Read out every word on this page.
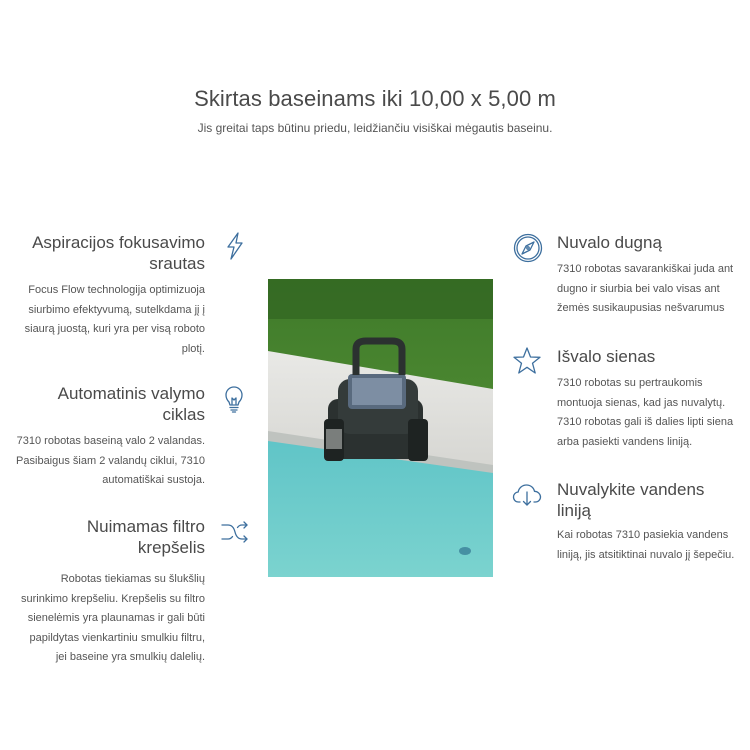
Skirtas baseinams iki 10,00 x 5,00 m
Jis greitai taps būtinu priedu, leidžiančiu visiškai mėgautis baseinu.
Aspiracijos fokusavimo
srautas
Focus Flow technologija optimizuoja
siurbimo efektyvumą, sutelkdama jį į
siaurą juostą, kuri yra per visą roboto
plotį.
Automatinis valymo
ciklas
7310 robotas baseiną valo 2 valandas.
Pasibaigus šiam 2 valandų ciklui, 7310
automatiškai sustoja.
Nuimamas filtro
krepšelis
Robotas tiekiamas su šlukšlių
surinkimo krepšeliu. Krepšelis su filtro
sienelėmis yra plaunamas ir gali būti
papildytas vienkartiniu smulkiu filtru,
jei baseine yra smulkių dalelių.
Nuvalo dugną
7310 robotas savarankiškai juda ant
dugno ir siurbia bei valo visas ant
žemės susikaupusias nešvarumus
Išvalo sienas
7310 robotas su pertraukomis
montuoja sienas, kad jas nuvalytų.
7310 robotas gali iš dalies lipti siena
arba pasiekti vandens liniją.
Nuvalykite vandens
liniją
Kai robotas 7310 pasiekia vandens
liniją, jis atsitiktinai nuvalo jį šepečiu.
